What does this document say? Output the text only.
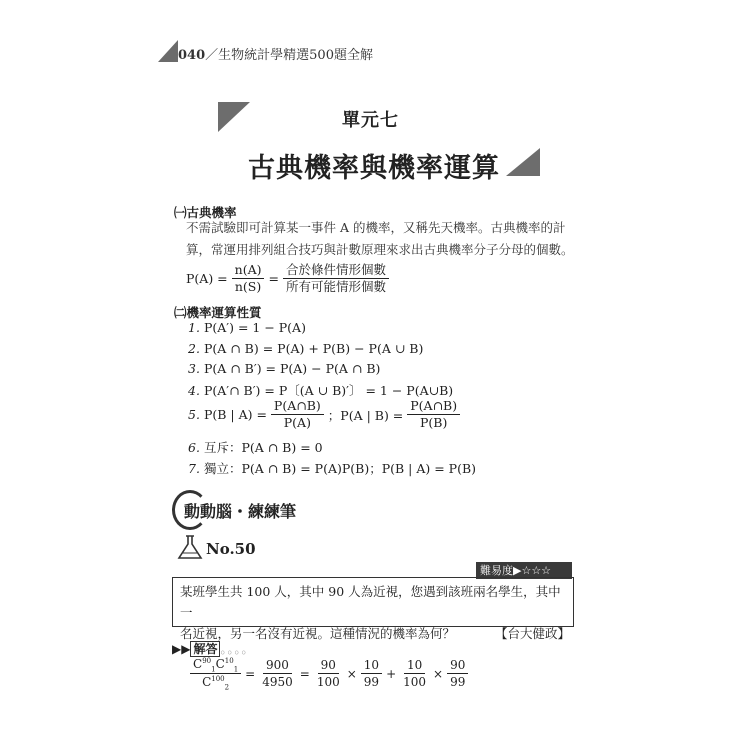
040／生物統計學精選500題全解
單元七
古典機率與機率運算
㈠古典機率
不需試驗即可計算某一事件 A 的機率，又稱先天機率。古典機率的計
算，常運用排列組合技巧與計數原理來求出古典機率分子分母的個數。
$P(A) = \frac{n(A)}{n(S)} = \frac{\text{合於條件情形個數}}{\text{所有可能情形個數}}$
㈡機率運算性質
1. P(A′) = 1 − P(A)
2. P(A ∩ B) = P(A) + P(B) − P(A ∪ B)
3. P(A ∩ B′) = P(A) − P(A ∩ B)
4. P(A′∩ B′) = P〔(A ∪ B)′〕 = 1 − P(A∪B)
5. P(B | $A) = \frac{P(A\cap B)}{P(A)}$ ；P(A | $B) = \frac{P(A\cap B)}{P(B)}$
6. 互斥：P(A ∩ B) = 0
7. 獨立：P(A ∩ B) = P(A)P(B)；P(B | A) = P(B)
動動腦・練練筆
No.50
難易度▶☆☆☆
某班學生共 100 人，其中 90 人為近視，您遇到該班兩名學生，其中一
名近視，另一名沒有近視。這種情況的機率為何？	【台大健政】
▶▶ 解答 。。。。
$\frac{C^{90}_1C^{10}_1}{C^{100}_2} = \frac{900}{4950} = \frac{90}{100} \times \frac{10}{99} + \frac{10}{100} \times \frac{90}{99}$
